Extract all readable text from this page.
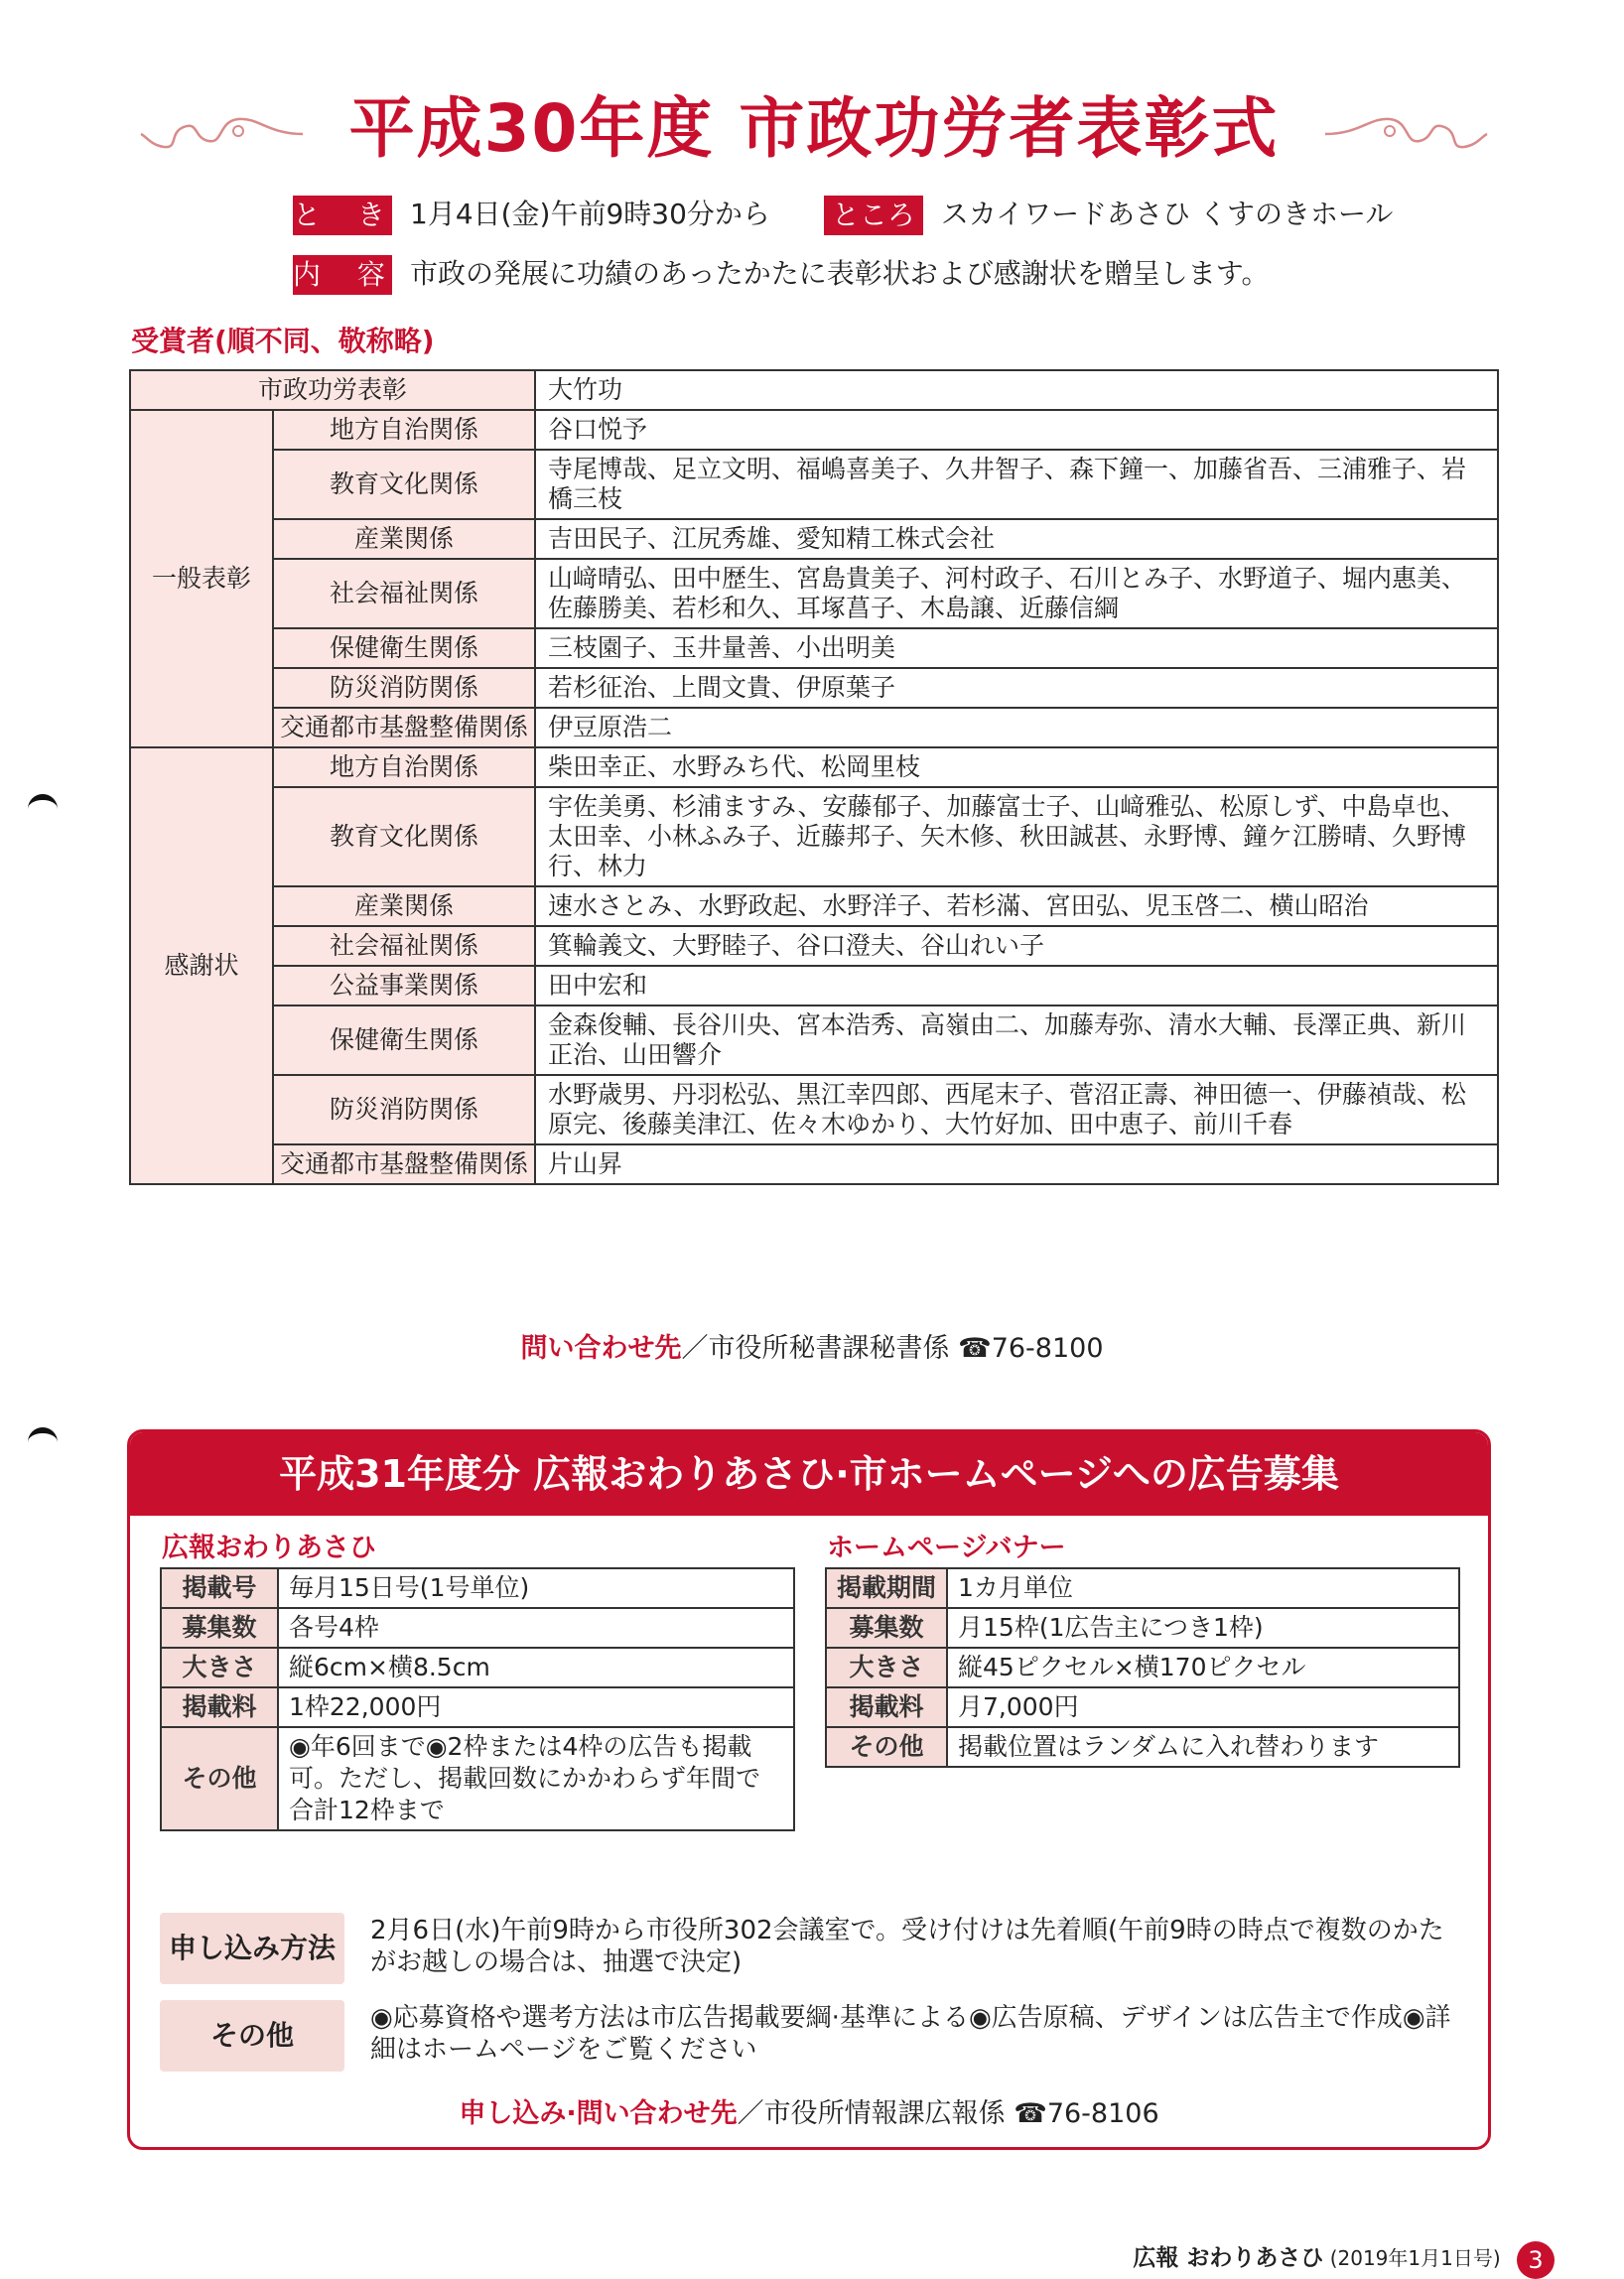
平成30年度 市政功労者表彰式
と き 1月4日(金)午前9時30分から ところ スカイワードあさひ くすのきホール
内 容 市政の発展に功績のあったかたに表彰状および感謝状を贈呈します。
受賞者(順不同、敬称略)
市政功労表彰		大竹功
一般表彰	地方自治関係	谷口悦予
	教育文化関係	寺尾博哉、足立文明、福嶋喜美子、久井智子、森下鐘一、加藤省吾、三浦雅子、岩橋三枝
	産業関係	吉田民子、江尻秀雄、愛知精工株式会社
	社会福祉関係	山﨑晴弘、田中歴生、宮島貴美子、河村政子、石川とみ子、水野道子、堀内惠美、佐藤勝美、若杉和久、耳塚菖子、木島譲、近藤信綱
	保健衛生関係	三枝園子、玉井量善、小出明美
	防災消防関係	若杉征治、上間文貴、伊原葉子
	交通都市基盤整備関係	伊豆原浩二
感謝状	地方自治関係	柴田幸正、水野みち代、松岡里枝
	教育文化関係	宇佐美勇、杉浦ますみ、安藤郁子、加藤富士子、山﨑雅弘、松原しず、中島卓也、太田幸、小林ふみ子、近藤邦子、矢木修、秋田誠甚、永野博、鐘ケ江勝晴、久野博行、林力
	産業関係	速水さとみ、水野政起、水野洋子、若杉滿、宮田弘、児玉啓二、横山昭治
	社会福祉関係	箕輪義文、大野睦子、谷口澄夫、谷山れい子
	公益事業関係	田中宏和
	保健衛生関係	金森俊輔、長谷川央、宮本浩秀、高嶺由二、加藤寿弥、清水大輔、長澤正典、新川正治、山田響介
	防災消防関係	水野歳男、丹羽松弘、黒江幸四郎、西尾末子、菅沼正壽、神田德一、伊藤禎哉、松原完、後藤美津江、佐々木ゆかり、大竹好加、田中恵子、前川千春
	交通都市基盤整備関係	片山昇
問い合わせ先／市役所秘書課秘書係 ☎76-8100
平成31年度分 広報おわりあさひ·市ホームページへの広告募集
広報おわりあさひ
掲載号	毎月15日号(1号単位)
募集数	各号4枠
大きさ	縦6cm×横8.5cm
掲載料	1枠22,000円
その他	◉年6回まで◉2枠または4枠の広告も掲載可。ただし、掲載回数にかかわらず年間で合計12枠まで
ホームページバナー
掲載期間	1カ月単位
募集数	月15枠(1広告主につき1枠)
大きさ	縦45ピクセル×横170ピクセル
掲載料	月7,000円
その他	掲載位置はランダムに入れ替わります
申し込み方法
2月6日(水)午前9時から市役所302会議室で。受け付けは先着順(午前9時の時点で複数のかたがお越しの場合は、抽選で決定)
その他
◉応募資格や選考方法は市広告掲載要綱·基準による◉広告原稿、デザインは広告主で作成◉詳細はホームページをご覧ください
申し込み·問い合わせ先／市役所情報課広報係 ☎76-8106
広報 おわりあさひ (2019年1月1日号) 3
